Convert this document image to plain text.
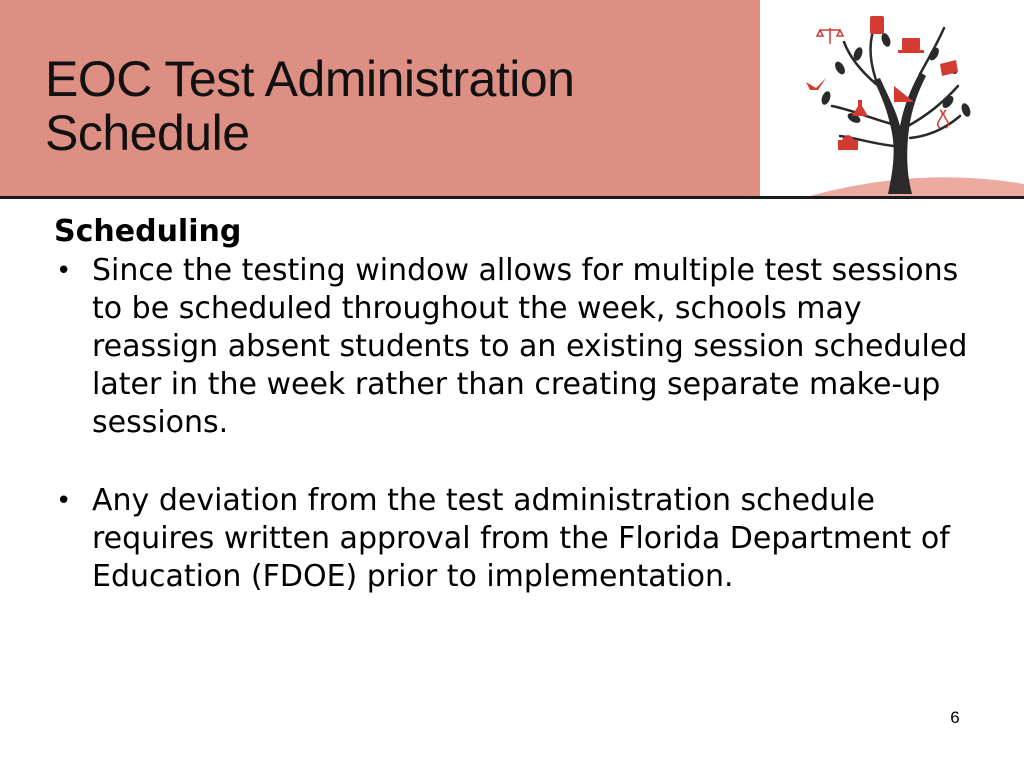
EOC Test Administration
Schedule
Scheduling
• Since the testing window allows for multiple test sessions to be scheduled throughout the week, schools may reassign absent students to an existing session scheduled later in the week rather than creating separate make-up sessions.
• Any deviation from the test administration schedule requires written approval from the Florida Department of Education (FDOE) prior to implementation.
6
